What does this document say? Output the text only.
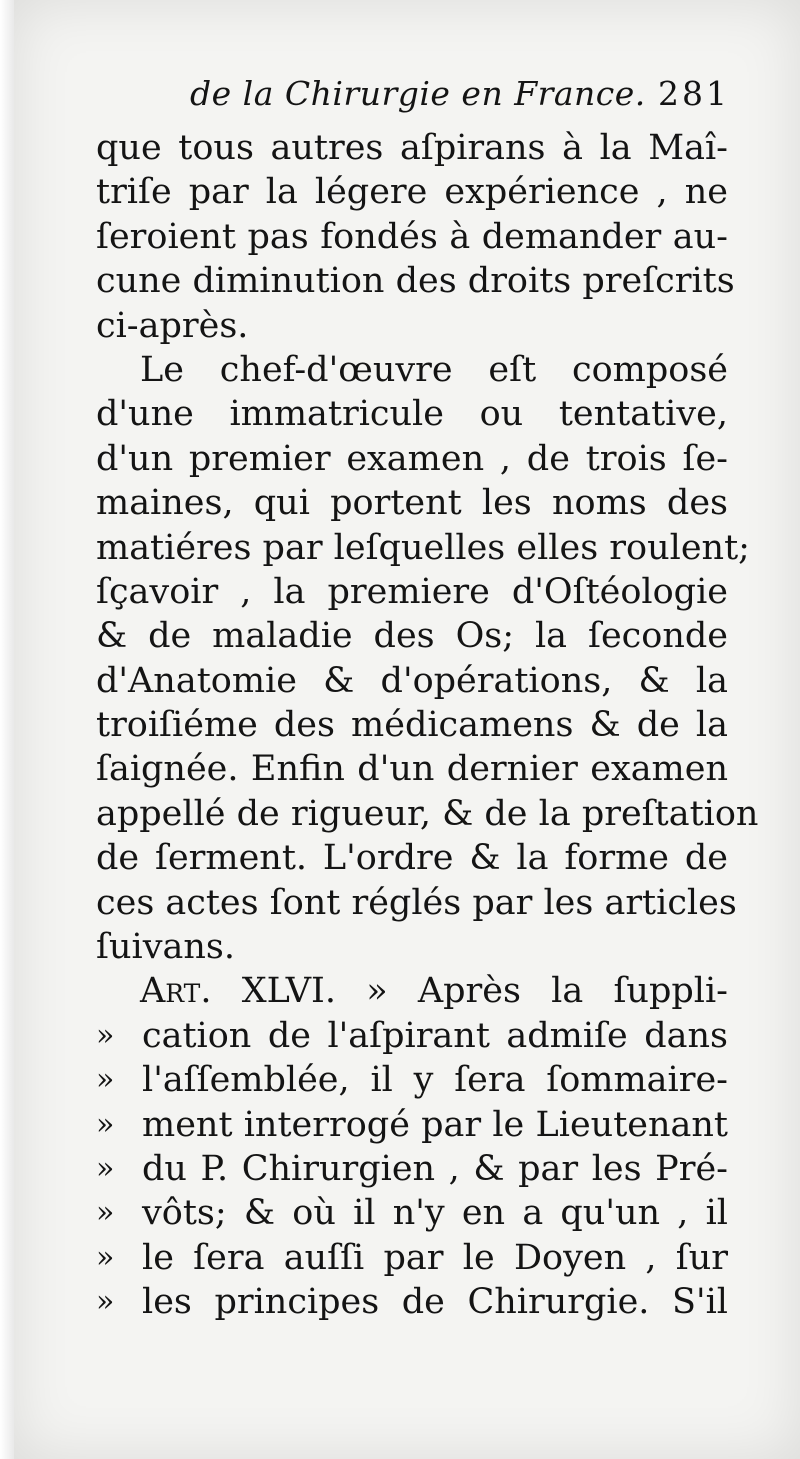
de la Chirurgie en France. 281
que tous autres aſpirans à la Maî-
triſe par la légere expérience , ne
ſeroient pas fondés à demander au-
cune diminution des droits preſcrits
ci-après.
Le chef-d'œuvre eſt composé
d'une immatricule ou tentative,
d'un premier examen , de trois ſe-
maines, qui portent les noms des
matiéres par leſquelles elles roulent;
ſçavoir , la premiere d'Oſtéologie
& de maladie des Os; la ſeconde
d'Anatomie & d'opérations, & la
troiſiéme des médicamens & de la
ſaignée. Enfin d'un dernier examen
appellé de rigueur, & de la preſtation
de ſerment. L'ordre & la forme de
ces actes ſont réglés par les articles
ſuivans.
Art. XLVI. » Après la ſuppli-
» cation de l'aſpirant admiſe dans
» l'aſſemblée, il y ſera ſommaire-
» ment interrogé par le Lieutenant
» du P. Chirurgien , & par les Pré-
» vôts; & où il n'y en a qu'un , il
» le ſera auſſi par le Doyen , ſur
» les principes de Chirurgie. S'il
